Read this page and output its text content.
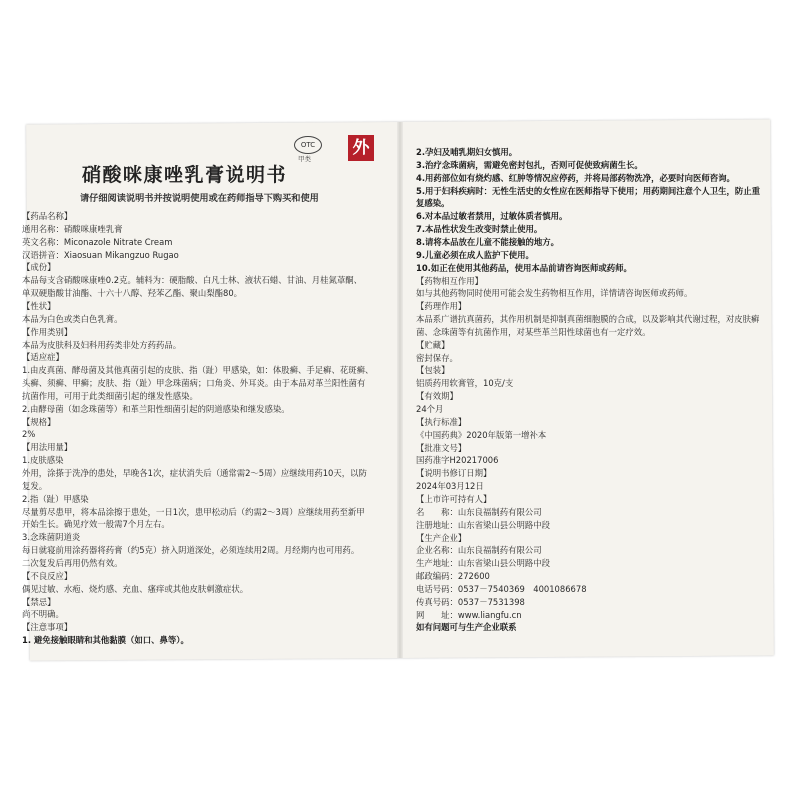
OTC
甲类
外
硝酸咪康唑乳膏说明书
请仔细阅读说明书并按说明使用或在药师指导下购买和使用
【药品名称】
通用名称：硝酸咪康唑乳膏
英文名称：Miconazole Nitrate Cream
汉语拼音：Xiaosuan Mikangzuo Rugao
【成份】
本品每支含硝酸咪康唑0.2克。辅料为：硬脂酸、白凡士林、液状石蜡、甘油、月桂氮䓬酮、
单双硬脂酸甘油酯、十六十八醇、羟苯乙酯、聚山梨酯80。
【性状】
本品为白色或类白色乳膏。
【作用类别】
本品为皮肤科及妇科用药类非处方药药品。
【适应症】
1.由皮真菌、酵母菌及其他真菌引起的皮肤、指（趾）甲感染，如：体股癣、手足癣、花斑癣、
头癣、须癣、甲癣；皮肤、指（趾）甲念珠菌病；口角炎、外耳炎。由于本品对革兰阳性菌有
抗菌作用，可用于此类细菌引起的继发性感染。
2.由酵母菌（如念珠菌等）和革兰阳性细菌引起的阴道感染和继发感染。
【规格】
2%
【用法用量】
1.皮肤感染
外用，涂搽于洗净的患处，早晚各1次，症状消失后（通常需2～5周）应继续用药10天，以防
复发。
2.指（趾）甲感染
尽量剪尽患甲，将本品涂擦于患处，一日1次，患甲松动后（约需2～3周）应继续用药至新甲
开始生长。确见疗效一般需7个月左右。
3.念珠菌阴道炎
每日就寝前用涂药器将药膏（约5克）挤入阴道深处，必须连续用2周。月经期内也可用药。
二次复发后再用仍然有效。
【不良反应】
偶见过敏、水疱、烧灼感、充血、瘙痒或其他皮肤刺激症状。
【禁忌】
尚不明确。
【注意事项】
1. 避免接触眼睛和其他黏膜（如口、鼻等）。
2.孕妇及哺乳期妇女慎用。
3.治疗念珠菌病，需避免密封包扎，否则可促使致病菌生长。
4.用药部位如有烧灼感、红肿等情况应停药，并将局部药物洗净，必要时向医师咨询。
5.用于妇科疾病时：无性生活史的女性应在医师指导下使用；用药期间注意个人卫生，防止重
复感染。
6.对本品过敏者禁用，过敏体质者慎用。
7.本品性状发生改变时禁止使用。
8.请将本品放在儿童不能接触的地方。
9.儿童必须在成人监护下使用。
10.如正在使用其他药品，使用本品前请咨询医师或药师。
【药物相互作用】
如与其他药物同时使用可能会发生药物相互作用，详情请咨询医师或药师。
【药理作用】
本品系广谱抗真菌药，其作用机制是抑制真菌细胞膜的合成，以及影响其代谢过程，对皮肤癣
菌、念珠菌等有抗菌作用，对某些革兰阳性球菌也有一定疗效。
【贮藏】
密封保存。
【包装】
铝质药用软膏管，10克/支
【有效期】
24个月
【执行标准】
《中国药典》2020年版第一增补本
【批准文号】
国药准字H20217006
【说明书修订日期】
2024年03月12日
【上市许可持有人】
名　　称：山东良福制药有限公司
注册地址：山东省梁山县公明路中段
【生产企业】
企业名称：山东良福制药有限公司
生产地址：山东省梁山县公明路中段
邮政编码：272600
电话号码：0537－7540369　4001086678
传真号码：0537－7531398
网　　址：www.liangfu.cn
如有问题可与生产企业联系
